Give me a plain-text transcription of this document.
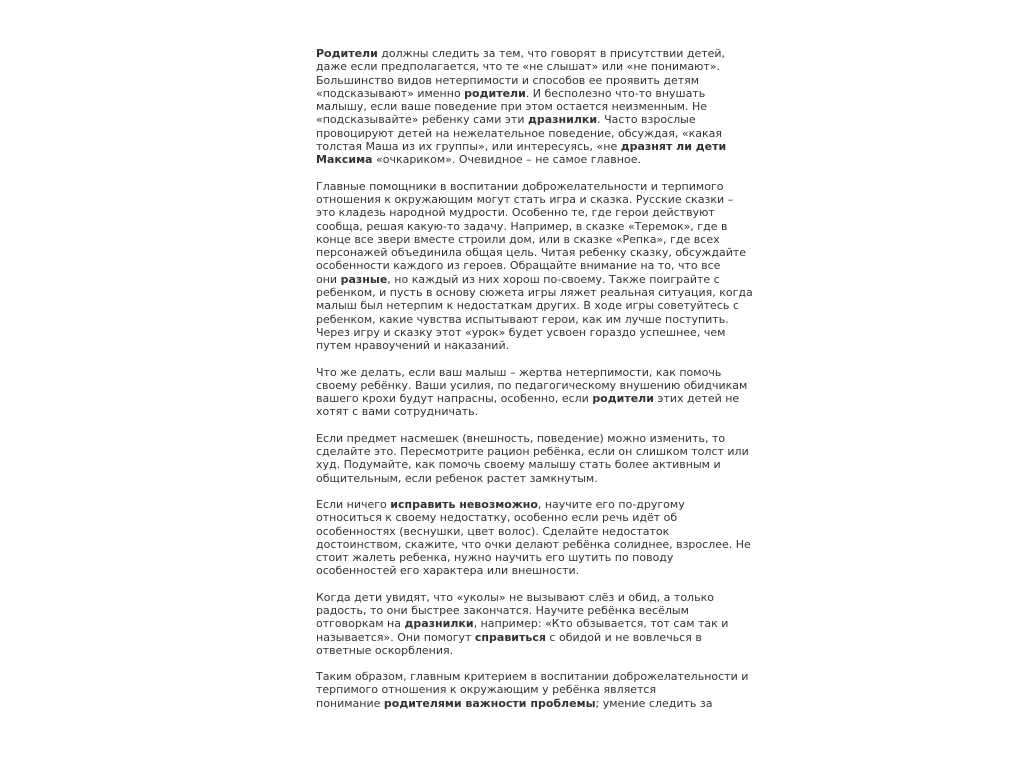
Родители должны следить за тем, что говорят в присутствии детей,
даже если предполагается, что те «не слышат» или «не понимают».
Большинство видов нетерпимости и способов ее проявить детям
«подсказывают» именно родители. И бесполезно что-то внушать
малышу, если ваше поведение при этом остается неизменным. Не
«подсказывайте» ребенку сами эти дразнилки. Часто взрослые
провоцируют детей на нежелательное поведение, обсуждая, «какая
толстая Маша из их группы», или интересуясь, «не дразнят ли дети
Максима «очкариком». Очевидное – не самое главное.

Главные помощники в воспитании доброжелательности и терпимого
отношения к окружающим могут стать игра и сказка. Русские сказки –
это кладезь народной мудрости. Особенно те, где герои действуют
сообща, решая какую-то задачу. Например, в сказке «Теремок», где в
конце все звери вместе строили дом, или в сказке «Репка», где всех
персонажей объединила общая цель. Читая ребенку сказку, обсуждайте
особенности каждого из героев. Обращайте внимание на то, что все
они разные, но каждый из них хорош по-своему. Также поиграйте с
ребенком, и пусть в основу сюжета игры ляжет реальная ситуация, когда
малыш был нетерпим к недостаткам других. В ходе игры советуйтесь с
ребенком, какие чувства испытывают герои, как им лучше поступить.
Через игру и сказку этот «урок» будет усвоен гораздо успешнее, чем
путем нравоучений и наказаний.

Что же делать, если ваш малыш – жертва нетерпимости, как помочь
своему ребёнку. Ваши усилия, по педагогическому внушению обидчикам
вашего крохи будут напрасны, особенно, если родители этих детей не
хотят с вами сотрудничать.

Если предмет насмешек (внешность, поведение) можно изменить, то
сделайте это. Пересмотрите рацион ребёнка, если он слишком толст или
худ. Подумайте, как помочь своему малышу стать более активным и
общительным, если ребенок растет замкнутым.

Если ничего исправить невозможно, научите его по-другому
относиться к своему недостатку, особенно если речь идёт об
особенностях (веснушки, цвет волос). Сделайте недостаток
достоинством, скажите, что очки делают ребёнка солиднее, взрослее. Не
стоит жалеть ребенка, нужно научить его шутить по поводу
особенностей его характера или внешности.

Когда дети увидят, что «уколы» не вызывают слёз и обид, а только
радость, то они быстрее закончатся. Научите ребёнка весёлым
отговоркам на дразнилки, например: «Кто обзывается, тот сам так и
называется». Они помогут справиться с обидой и не вовлечься в
ответные оскорбления.

Таким образом, главным критерием в воспитании доброжелательности и
терпимого отношения к окружающим у ребёнка является
понимание родителями важности проблемы; умение следить за
